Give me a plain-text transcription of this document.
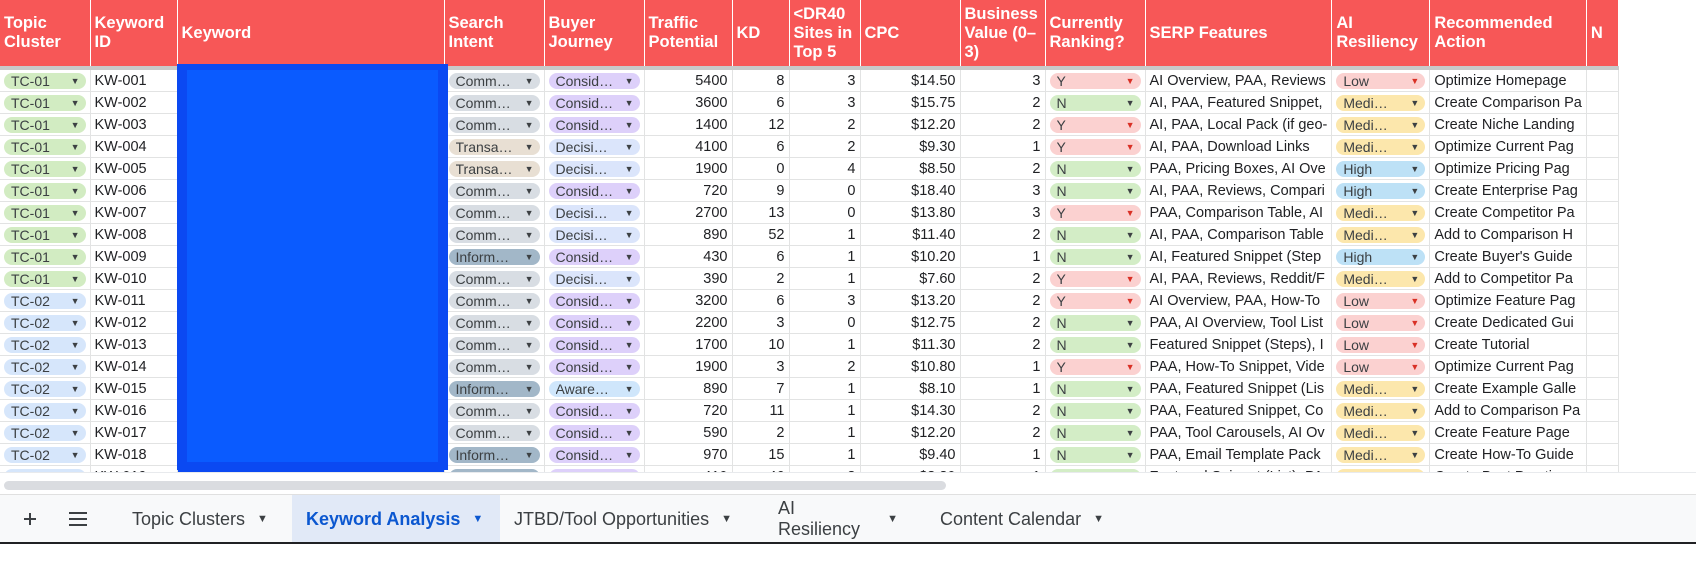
Topic Cluster	Keyword ID	Keyword	Search Intent	Buyer Journey	Traffic Potential	KD	<DR40 Sites in Top 5	CPC	Business Value (0–3)	Currently Ranking?	SERP Features	AI Resiliency	Recommended Action	N

TC-01 ▼	KW-001		Comm… ▼	Consid… ▼	5400	8	3	$14.50	3	Y ▼	AI Overview, PAA, Reviews	Low ▼	Optimize Homepage	

TC-01 ▼	KW-002		Comm… ▼	Consid… ▼	3600	6	3	$15.75	2	N ▼	AI, PAA, Featured Snippet,	Medi… ▼	Create Comparison Pa	

TC-01 ▼	KW-003		Comm… ▼	Consid… ▼	1400	12	2	$12.20	2	Y ▼	AI, PAA, Local Pack (if geo-	Medi… ▼	Create Niche Landing	

TC-01 ▼	KW-004		Transa… ▼	Decisi… ▼	4100	6	2	$9.30	1	Y ▼	AI, PAA, Download Links	Medi… ▼	Optimize Current Pag	

TC-01 ▼	KW-005		Transa… ▼	Decisi… ▼	1900	0	4	$8.50	2	N ▼	PAA, Pricing Boxes, AI Ove	High ▼	Optimize Pricing Pag	

TC-01 ▼	KW-006		Comm… ▼	Consid… ▼	720	9	0	$18.40	3	N ▼	AI, PAA, Reviews, Compari	High ▼	Create Enterprise Pag	

TC-01 ▼	KW-007		Comm… ▼	Decisi… ▼	2700	13	0	$13.80	3	Y ▼	PAA, Comparison Table, AI	Medi… ▼	Create Competitor Pa	

TC-01 ▼	KW-008		Comm… ▼	Decisi… ▼	890	52	1	$11.40	2	N ▼	AI, PAA, Comparison Table	Medi… ▼	Add to Comparison H	

TC-01 ▼	KW-009		Inform… ▼	Consid… ▼	430	6	1	$10.20	1	N ▼	AI, Featured Snippet (Step	High ▼	Create Buyer's Guide	

TC-01 ▼	KW-010		Comm… ▼	Decisi… ▼	390	2	1	$7.60	2	Y ▼	AI, PAA, Reviews, Reddit/F	Medi… ▼	Add to Competitor Pa	

TC-02 ▼	KW-011		Comm… ▼	Consid… ▼	3200	6	3	$13.20	2	Y ▼	AI Overview, PAA, How-To	Low ▼	Optimize Feature Pag	

TC-02 ▼	KW-012		Comm… ▼	Consid… ▼	2200	3	0	$12.75	2	N ▼	PAA, AI Overview, Tool List	Low ▼	Create Dedicated Gui	

TC-02 ▼	KW-013		Comm… ▼	Consid… ▼	1700	10	1	$11.30	2	N ▼	Featured Snippet (Steps), I	Low ▼	Create Tutorial	

TC-02 ▼	KW-014		Comm… ▼	Consid… ▼	1900	3	2	$10.80	1	Y ▼	PAA, How-To Snippet, Vide	Low ▼	Optimize Current Pag	

TC-02 ▼	KW-015		Inform… ▼	Aware… ▼	890	7	1	$8.10	1	N ▼	PAA, Featured Snippet (Lis	Medi… ▼	Create Example Galle	

TC-02 ▼	KW-016		Comm… ▼	Consid… ▼	720	11	1	$14.30	2	N ▼	PAA, Featured Snippet, Co	Medi… ▼	Add to Comparison Pa	

TC-02 ▼	KW-017		Comm… ▼	Consid… ▼	590	2	1	$12.20	2	N ▼	PAA, Tool Carousels, AI Ov	Medi… ▼	Create Feature Page	

TC-02 ▼	KW-018		Inform… ▼	Consid… ▼	970	15	1	$9.40	1	N ▼	PAA, Email Template Pack	Medi… ▼	Create How-To Guide	

Topic Clusters ▼ Keyword Analysis ▼ JTBD/Tool Opportunities ▼
AI Resiliency	▼ Content Calendar ▼
